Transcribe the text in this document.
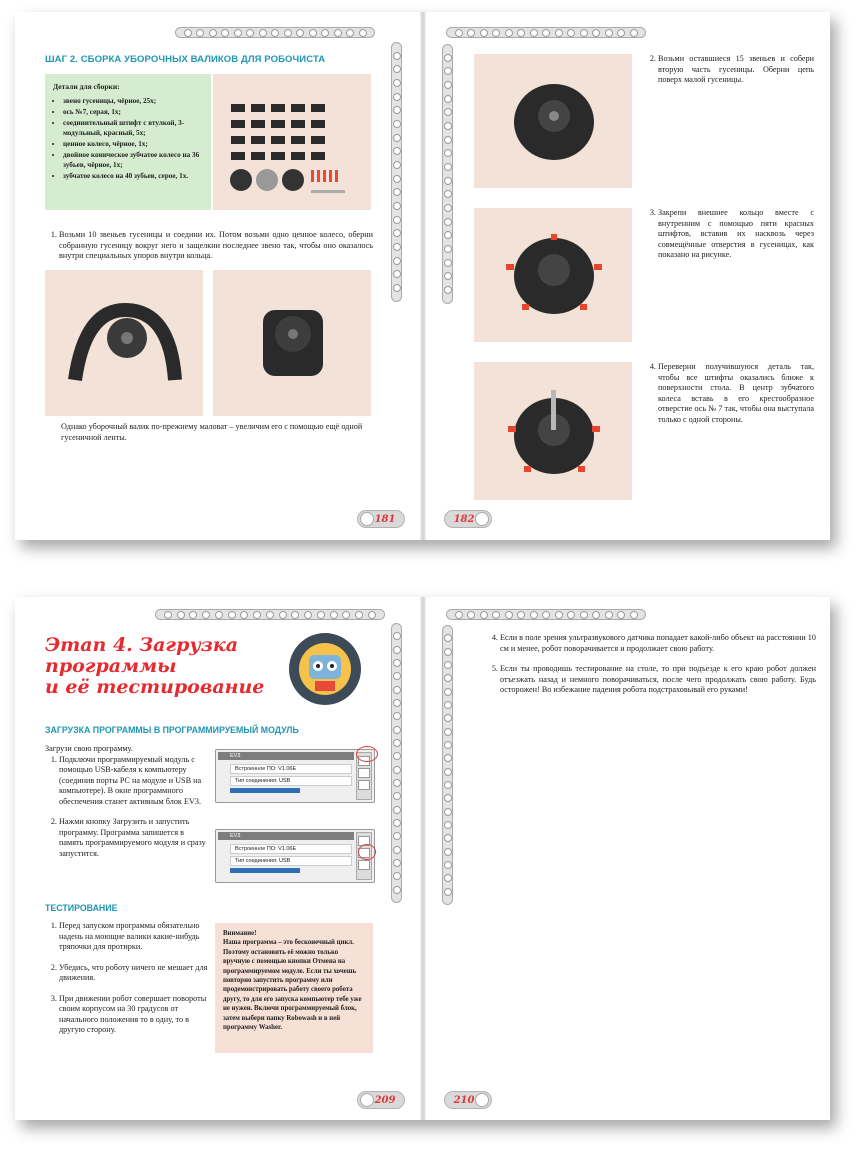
ШАГ 2. СБОРКА УБОРОЧНЫХ ВАЛИКОВ ДЛЯ РОБОЧИСТА
Детали для сборки:
• звено гусеницы, чёрное, 25x;
• ось №7, серая, 1x;
• соединительный штифт с втулкой, 3-модульный, красный, 5x;
• ценное колесо, чёрное, 1x;
• двойное коническое зубчатое колесо на 36 зубьев, чёрное, 1x;
• зубчатое колесо на 40 зубьев, серое, 1x.
1. Возьми 10 звеньев гусеницы и соедини их. Потом возьми одно ценное колесо, оберни собранную гусеницу вокруг него и защелкни последнее звено так, чтобы оно оказалось внутри специальных упоров внутри кольца.
Однако уборочный валик по-прежнему маловат – увеличим его с помощью ещё одной гусеничной ленты.
181
2. Возьми оставшиеся 15 звеньев и собери вторую часть гусеницы. Оберни цепь поверх малой гусеницы.
3. Закрепи внешнее кольцо вместе с внутренним с помощью пяти красных штифтов, вставив их насквозь через совмещённые отверстия в гусеницах, как показано на рисунке.
4. Переверни получившуюся деталь так, чтобы все штифты оказались ближе к поверхности стола. В центр зубчатого колеса вставь в его крестообразное отверстие ось № 7 так, чтобы она выступала только с одной стороны.
182
Этап 4. Загрузка
программы
и её тестирование
ЗАГРУЗКА ПРОГРАММЫ В ПРОГРАММИРУЕМЫЙ МОДУЛЬ
Загрузи свою программу.
1. Подключи программируемый модуль с помощью USB-кабеля к компьютеру (соединив порты PC на модуле и USB на компьютере). В окне программного обеспечения станет активным блок EV3.
2. Нажми кнопку Загрузить и запустить программу. Программа запишется в память программируемого модуля и сразу запустится.
EV3
Встроенное ПО: V1.06E
Тип соединения: USB
EV3
Встроенное ПО: V1.06E
Тип соединения: USB
ТЕСТИРОВАНИЕ
1. Перед запуском программы обязательно надень на моющие валики какие-нибудь тряпочки для протирки.
2. Убедись, что роботу ничего не мешает для движения.
3. При движении робот совершает повороты своим корпусом на 30 градусов от начального положения то в одну, то в другую сторону.
Внимание!
Наша программа – это бесконечный цикл. Поэтому остановить её можно только вручную с помощью кнопки Отмена на программируемом модуле. Если ты хочешь повторно запустить программу или продемонстрировать работу своего робота другу, то для его запуска компьютер тебе уже не нужен. Включи программируемый блок, затем выбери папку Robowash и в ней программу Washer.
209
4. Если в поле зрения ультразвукового датчика попадает какой-либо объект на расстоянии 10 см и менее, робот поворачивается и продолжает свою работу.
5. Если ты проводишь тестирование на столе, то при подъезде к его краю робот должен отъезжать назад и немного поворачиваться, после чего продолжать свою работу. Будь осторожен! Во избежание падения робота подстраховывай его руками!
210
